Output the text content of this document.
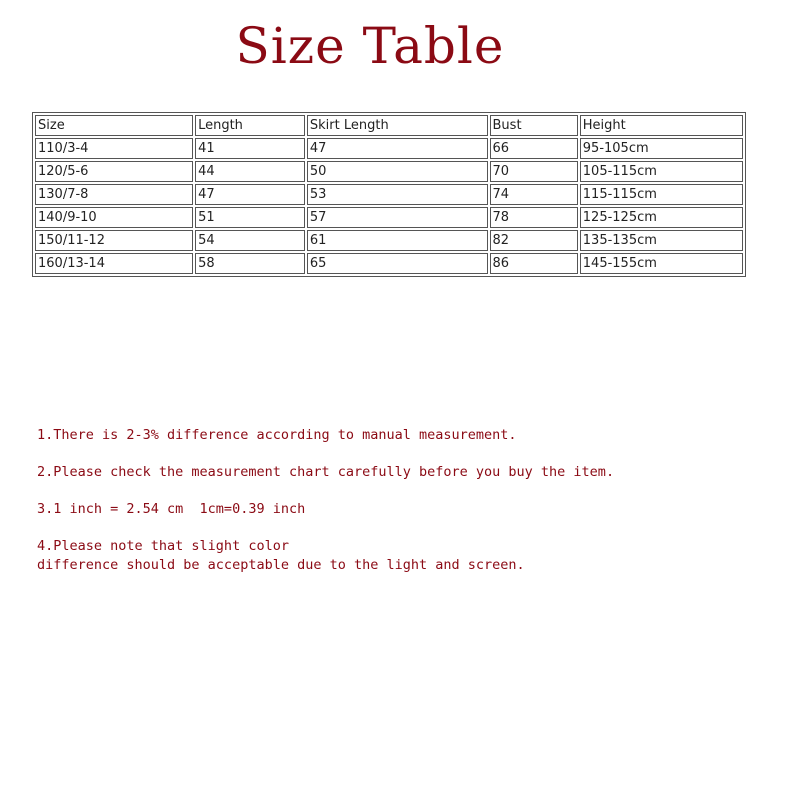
Size Table
Size	Length	Skirt Length	Bust	Height
110/3-4	41	47	66	95-105cm
120/5-6	44	50	70	105-115cm
130/7-8	47	53	74	115-115cm
140/9-10	51	57	78	125-125cm
150/11-12	54	61	82	135-135cm
160/13-14	58	65	86	145-155cm

1.There is 2-3% difference according to manual measurement.

2.Please check the measurement chart carefully before you buy the item.

3.1 inch = 2.54 cm  1cm=0.39 inch

4.Please note that slight color
difference should be acceptable due to the light and screen.
